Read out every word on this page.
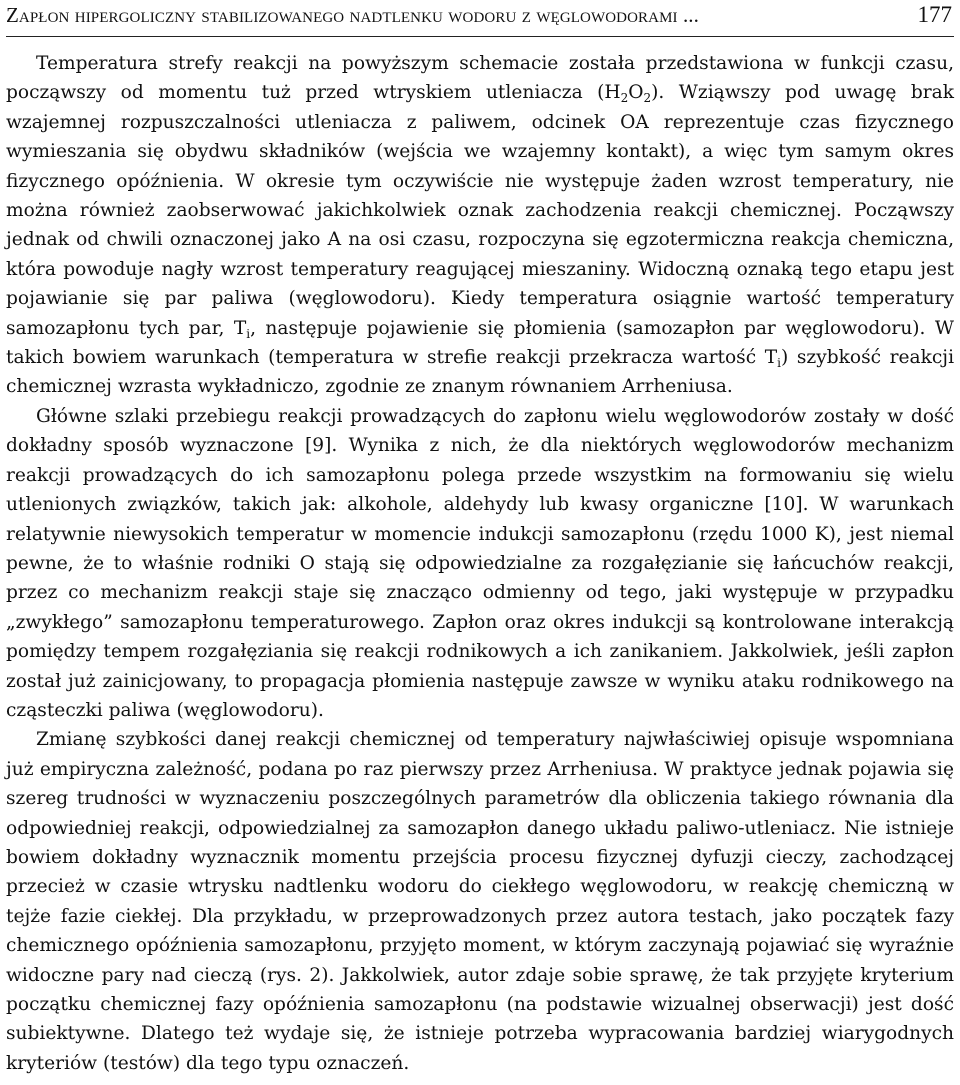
Zapłon hipergoliczny stabilizowanego nadtlenku wodoru z węglowodorami ...	177

Temperatura strefy reakcji na powyższym schemacie została przedstawiona w funkcji czasu, począwszy od momentu tuż przed wtryskiem utleniacza $(H_2O_2)$. Wziąwszy pod uwagę brak wzajemnej rozpuszczalności utleniacza z paliwem, odcinek OA reprezentuje czas fizycznego wymieszania się obydwu składników (wejścia we wzajemny kontakt), a więc tym samym okres fizycznego opóźnienia. W okresie tym oczywiście nie występuje żaden wzrost temperatury, nie można również zaobserwować jakichkolwiek oznak zachodzenia reakcji chemicznej. Począwszy jednak od chwili oznaczonej jako A na osi czasu, rozpoczyna się egzotermiczna reakcja chemiczna, która powoduje nagły wzrost temperatury reagującej mieszaniny. Widoczną oznaką tego etapu jest pojawianie się par paliwa (węglowodoru). Kiedy temperatura osiągnie wartość temperatury samozapłonu tych par, $T_i$, następuje pojawienie się płomienia (samozapłon par węglowodoru). W takich bowiem warunkach (temperatura w strefie reakcji przekracza wartość $T_i$) szybkość reakcji chemicznej wzrasta wykładniczo, zgodnie ze znanym równaniem Arrheniusa.

Główne szlaki przebiegu reakcji prowadzących do zapłonu wielu węglowodorów zostały w dość dokładny sposób wyznaczone [9]. Wynika z nich, że dla niektórych węglowodorów mechanizm reakcji prowadzących do ich samozapłonu polega przede wszystkim na formowaniu się wielu utlenionych związków, takich jak: alkohole, aldehydy lub kwasy organiczne [10]. W warunkach relatywnie niewysokich temperatur w momencie indukcji samozapłonu (rzędu 1000 K), jest niemal pewne, że to właśnie rodniki O stają się odpowiedzialne za rozgałęzianie się łańcuchów reakcji, przez co mechanizm reakcji staje się znacząco odmienny od tego, jaki występuje w przypadku „zwykłego” samozapłonu temperaturowego. Zapłon oraz okres indukcji są kontrolowane interakcją pomiędzy tempem rozgałęziania się reakcji rodnikowych a ich zanikaniem. Jakkolwiek, jeśli zapłon został już zainicjowany, to propagacja płomienia następuje zawsze w wyniku ataku rodnikowego na cząsteczki paliwa (węglowodoru).

Zmianę szybkości danej reakcji chemicznej od temperatury najwłaściwiej opisuje wspomniana już empiryczna zależność, podana po raz pierwszy przez Arrheniusa. W praktyce jednak pojawia się szereg trudności w wyznaczeniu poszczególnych parametrów dla obliczenia takiego równania dla odpowiedniej reakcji, odpowiedzialnej za samozapłon danego układu paliwo-utleniacz. Nie istnieje bowiem dokładny wyznacznik momentu przejścia procesu fizycznej dyfuzji cieczy, zachodzącej przecież w czasie wtrysku nadtlenku wodoru do ciekłego węglowodoru, w reakcję chemiczną w tejże fazie ciekłej. Dla przykładu, w przeprowadzonych przez autora testach, jako początek fazy chemicznego opóźnienia samozapłonu, przyjęto moment, w którym zaczynają pojawiać się wyraźnie widoczne pary nad cieczą (rys. 2). Jakkolwiek, autor zdaje sobie sprawę, że tak przyjęte kryterium początku chemicznej fazy opóźnienia samozapłonu (na podstawie wizualnej obserwacji) jest dość subiektywne. Dlatego też wydaje się, że istnieje potrzeba wypracowania bardziej wiarygodnych kryteriów (testów) dla tego typu oznaczeń.
